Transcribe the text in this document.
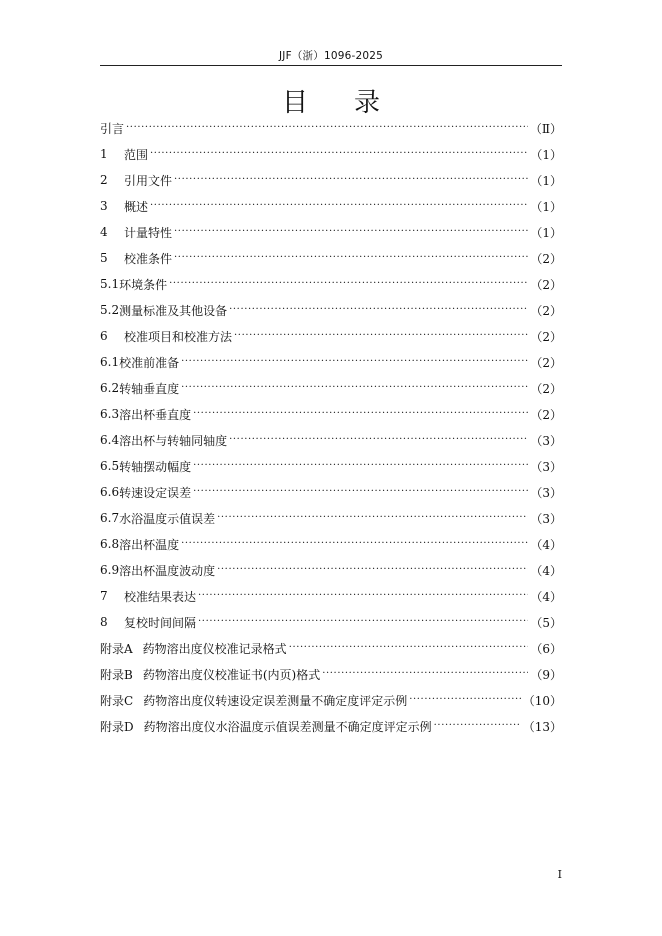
JJF（浙）1096-2025
目录
引言 ·····	（Ⅱ）
1	范围 ·····	（1）
2	引用文件 ·····	（1）
3	概述 ·····	（1）
4	计量特性 ·····	（1）
5	校准条件 ·····	（2）
5.1 环境条件 ·····	（2）
5.2 测量标准及其他设备 ·····	（2）
6	校准项目和校准方法 ·····	（2）
6.1 校准前准备 ·····	（2）
6.2 转轴垂直度 ·····	（2）
6.3 溶出杯垂直度 ·····	（2）
6.4 溶出杯与转轴同轴度 ·····	（3）
6.5 转轴摆动幅度 ·····	（3）
6.6 转速设定误差 ·····	（3）
6.7 水浴温度示值误差 ·····	（3）
6.8 溶出杯温度 ·····	（4）
6.9 溶出杯温度波动度 ·····	（4）
7	校准结果表达 ·····	（4）
8	复校时间间隔 ·····	（5）
附录A 药物溶出度仪校准记录格式 ·····	（6）
附录B 药物溶出度仪校准证书(内页)格式 ·····	（9）
附录C 药物溶出度仪转速设定误差测量不确定度评定示例 ·····	（10）
附录D 药物溶出度仪水浴温度示值误差测量不确定度评定示例 ·····	（13）
I
